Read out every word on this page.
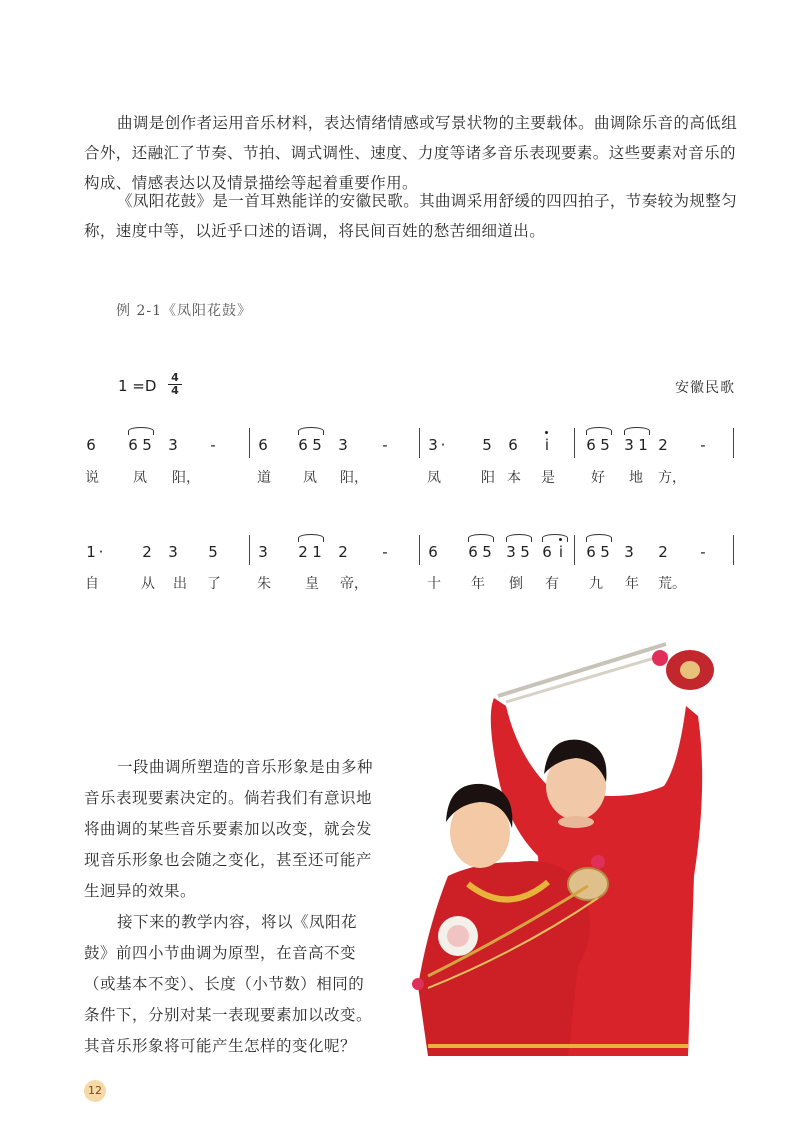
曲调是创作者运用音乐材料，表达情绪情感或写景状物的主要载体。曲调除乐音的高低组合外，还融汇了节奏、节拍、调式调性、速度、力度等诸多音乐表现要素。这些要素对音乐的构成、情感表达以及情景描绘等起着重要作用。
《凤阳花鼓》是一首耳熟能详的安徽民歌。其曲调采用舒缓的四四拍子，节奏较为规整匀称，速度中等，以近乎口述的语调，将民间百姓的愁苦细细道出。
例 2-1《凤阳花鼓》
1 =D 4
4	安徽民歌
6 6 5 3 -	6 6 5 3 -	3 ·	5 6	i	6 5 3 1 2 -
说 凤 阳，	道 凤 阳，	凤	阳 本 是	好 地 方，
1 ·	2 3 5	3 2 1 2 -	6 6 5 3 5 6 i	6 5 3 2 -
自	从 出 了	朱 皇 帝，	十 年 倒 有 九 年 荒。
一段曲调所塑造的音乐形象是由多种音乐表现要素决定的。倘若我们有意识地将曲调的某些音乐要素加以改变，就会发现音乐形象也会随之变化，甚至还可能产生迥异的效果。
接下来的教学内容，将以《凤阳花鼓》前四小节曲调为原型，在音高不变（或基本不变）、长度（小节数）相同的条件下，分别对某一表现要素加以改变。其音乐形象将可能产生怎样的变化呢？
12
